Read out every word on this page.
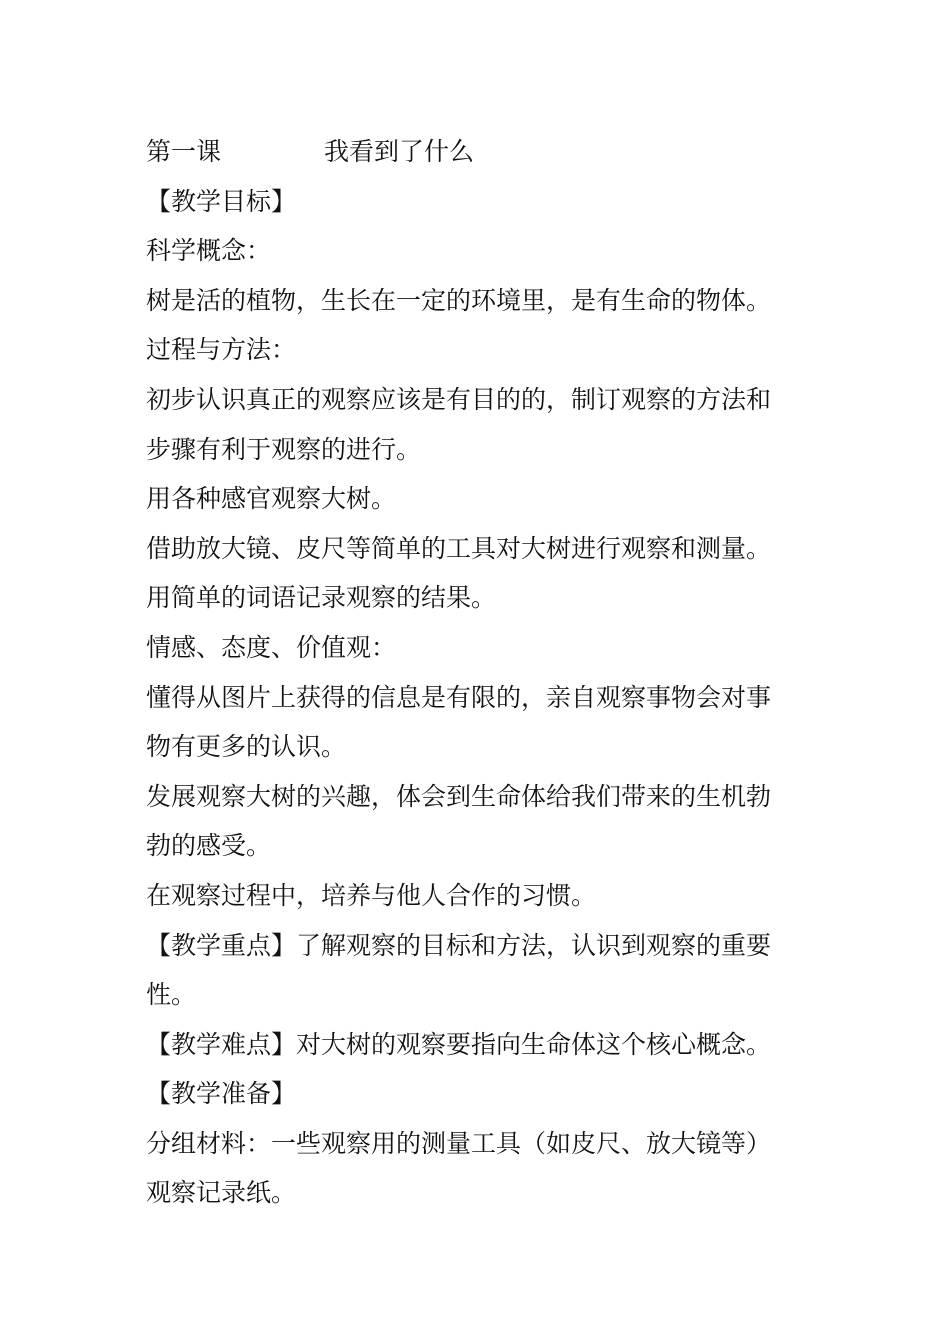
第一课	我看到了什么
【教学目标】
科学概念：
树是活的植物，生长在一定的环境里，是有生命的物体。
过程与方法：
初步认识真正的观察应该是有目的的，制订观察的方法和
步骤有利于观察的进行。
用各种感官观察大树。
借助放大镜、皮尺等简单的工具对大树进行观察和测量。
用简单的词语记录观察的结果。
情感、态度、价值观：
懂得从图片上获得的信息是有限的，亲自观察事物会对事
物有更多的认识。
发展观察大树的兴趣，体会到生命体给我们带来的生机勃
勃的感受。
在观察过程中，培养与他人合作的习惯。
【教学重点】了解观察的目标和方法，认识到观察的重要
性。
【教学难点】对大树的观察要指向生命体这个核心概念。
【教学准备】
分组材料：一些观察用的测量工具（如皮尺、放大镜等）
观察记录纸。
